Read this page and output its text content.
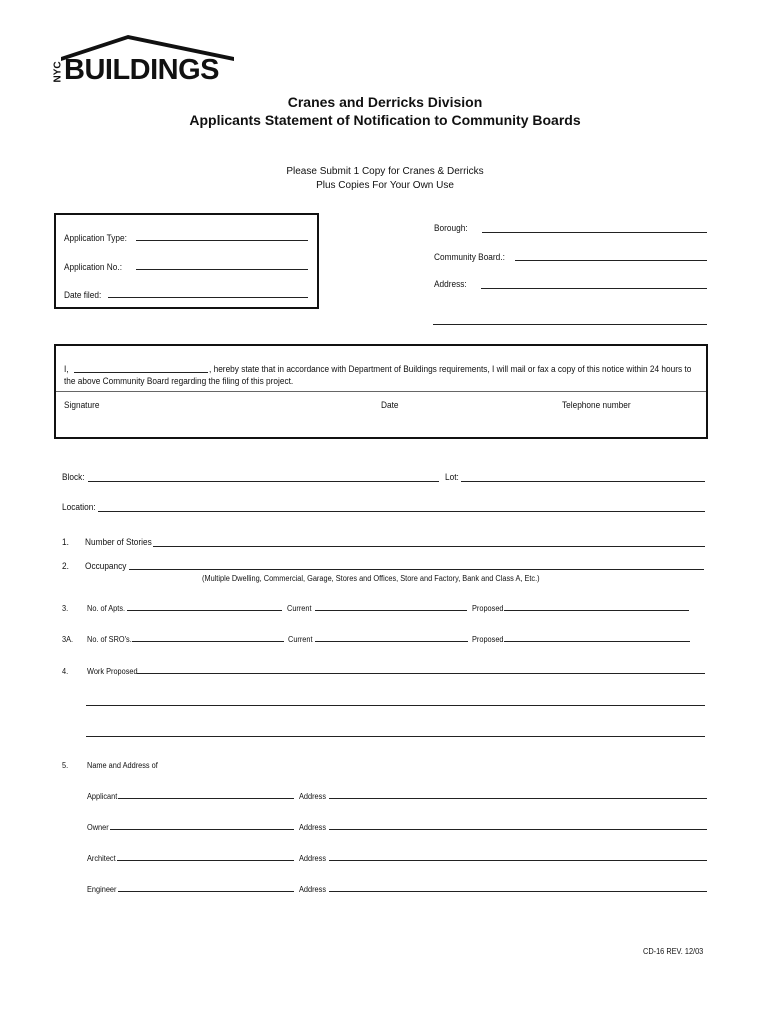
NYC BUILDINGS
Cranes and Derricks Division
Applicants Statement of Notification to Community Boards
Please Submit 1 Copy for Cranes & Derricks
Plus Copies For Your Own Use
Application Type:
Application No.:
Date filed:
Borough:
Community Board.:
Address:
I,	, hereby state that in accordance with Department of Buildings requirements, I will mail or fax a copy of this notice within 24 hours to
the above Community Board regarding the filing of this project.
Signature	Date	Telephone number
Block:	Lot:
Location:
1. Number of Stories
2. Occupancy
(Multiple Dwelling, Commercial, Garage, Stores and Offices, Store and Factory, Bank and Class A, Etc.)
3. No. of Apts.	Current	Proposed
3A. No. of SRO's.	Current	Proposed
4. Work Proposed
5. Name and Address of
Applicant	Address
Owner	Address
Architect	Address
Engineer	Address
CD-16 REV. 12/03
